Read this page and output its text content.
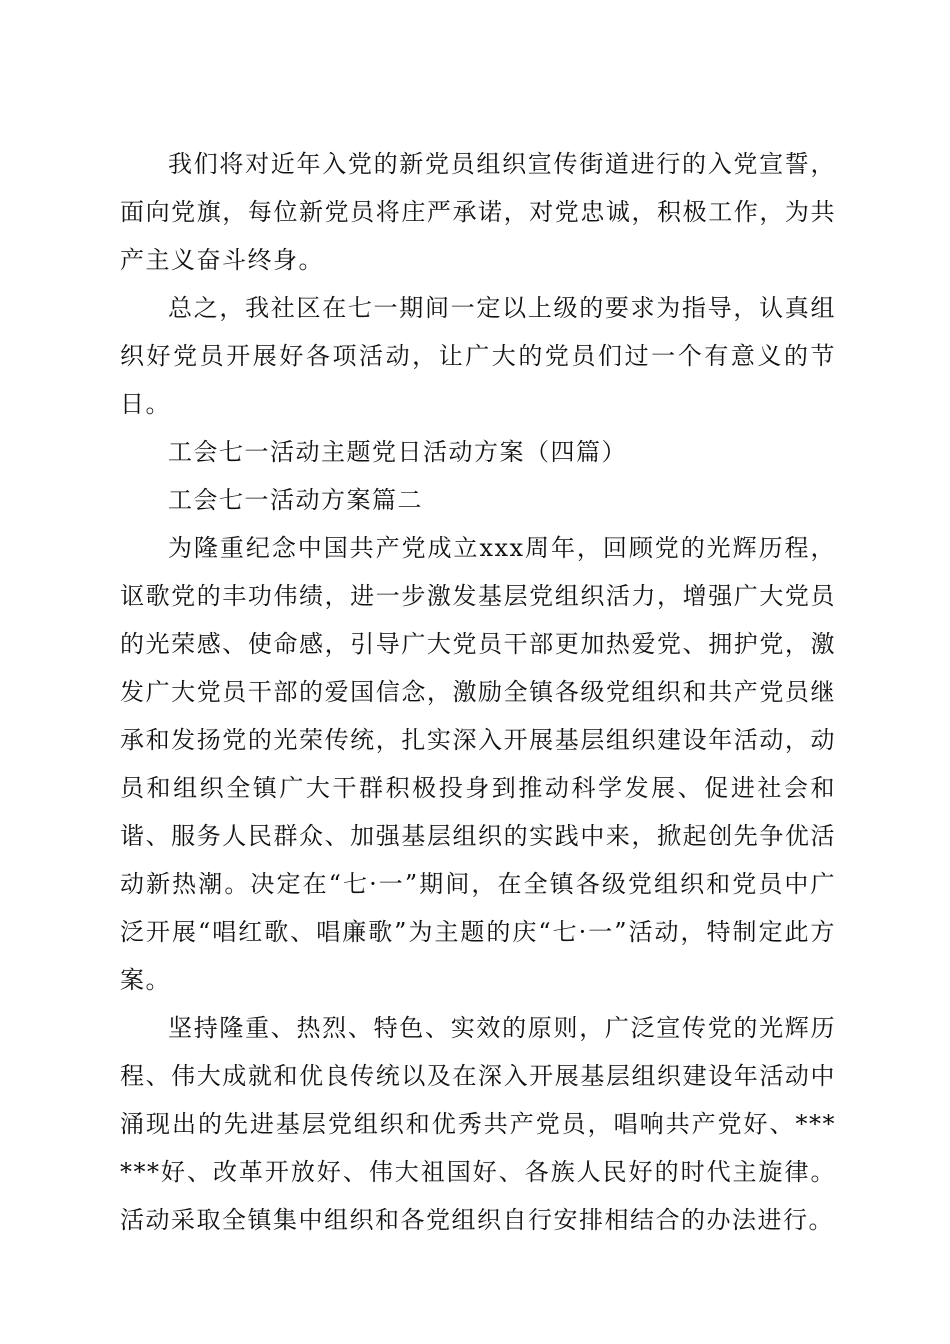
我们将对近年入党的新党员组织宣传街道进行的入党宣誓，面向党旗，每位新党员将庄严承诺，对党忠诚，积极工作，为共产主义奋斗终身。

总之，我社区在七一期间一定以上级的要求为指导，认真组织好党员开展好各项活动，让广大的党员们过一个有意义的节日。

工会七一活动主题党日活动方案（四篇）

工会七一活动方案篇二

为隆重纪念中国共产党成立xxx周年，回顾党的光辉历程，讴歌党的丰功伟绩，进一步激发基层党组织活力，增强广大党员的光荣感、使命感，引导广大党员干部更加热爱党、拥护党，激发广大党员干部的爱国信念，激励全镇各级党组织和共产党员继承和发扬党的光荣传统，扎实深入开展基层组织建设年活动，动员和组织全镇广大干群积极投身到推动科学发展、促进社会和谐、服务人民群众、加强基层组织的实践中来，掀起创先争优活动新热潮。决定在“七·一”期间，在全镇各级党组织和党员中广泛开展“唱红歌、唱廉歌”为主题的庆“七·一”活动，特制定此方案。

坚持隆重、热烈、特色、实效的原则，广泛宣传党的光辉历程、伟大成就和优良传统以及在深入开展基层组织建设年活动中涌现出的先进基层党组织和优秀共产党员，唱响共产党好、******好、改革开放好、伟大祖国好、各族人民好的时代主旋律。活动采取全镇集中组织和各党组织自行安排相结合的办法进行。
